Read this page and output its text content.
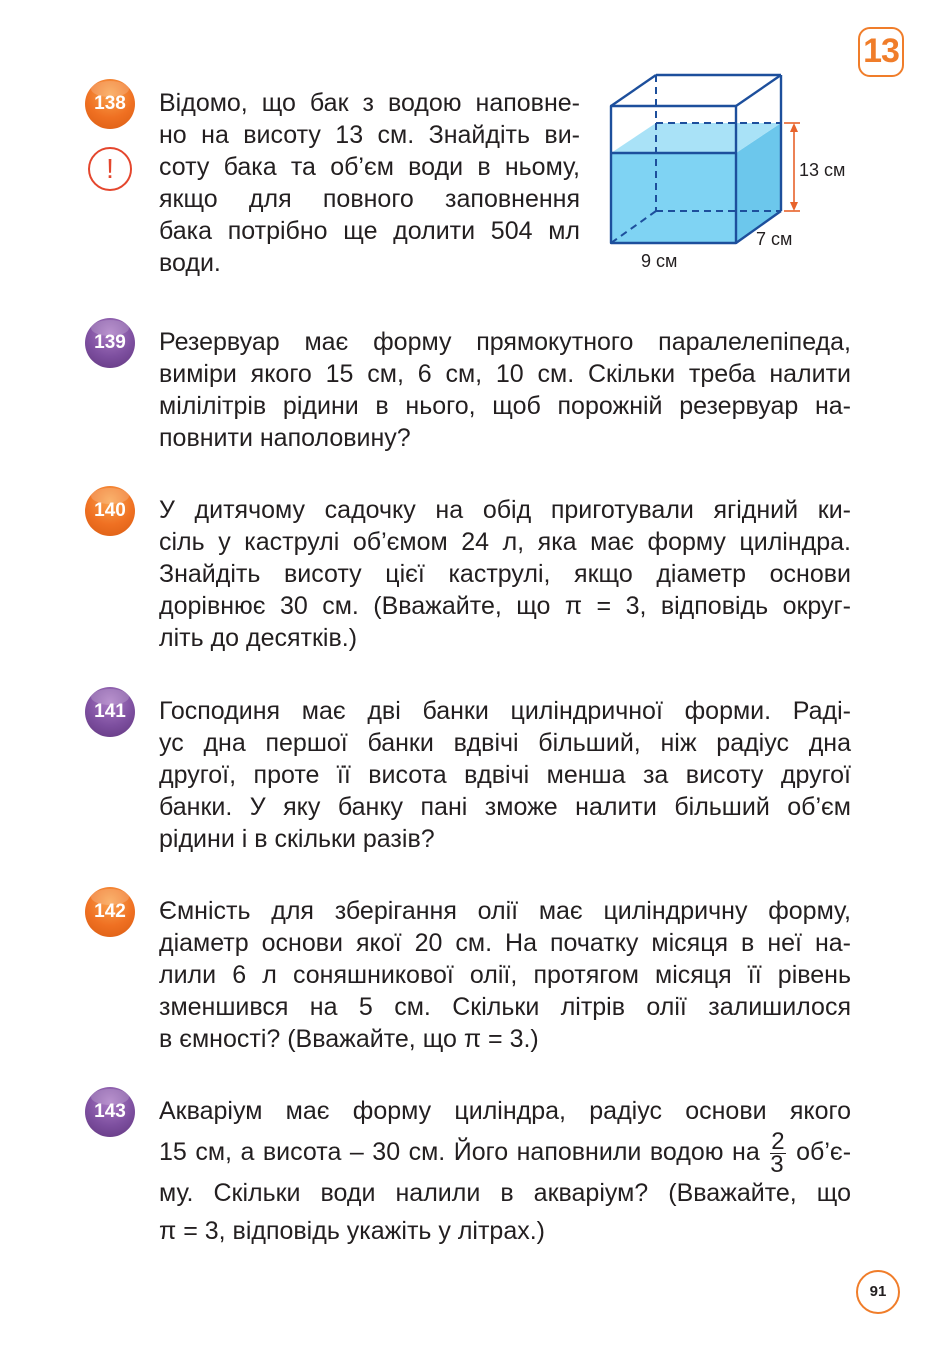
13
138
!

Відомо, що бак з водою наповне-
но на висоту 13 см. Знайдіть ви-
соту бака та об’єм води в ньому,
якщо для повного заповнення
бака потрібно ще долити 504 мл
води.

13 см
7 см
9 см
139	Резервуар має форму прямокутного паралелепіпеда,
виміри якого 15 см, 6 см, 10 см. Скільки треба налити
мілілітрів рідини в нього, щоб порожній резервуар на-
повнити наполовину?

140	У дитячому садочку на обід приготували ягідний ки-
сіль у каструлі об’ємом 24 л, яка має форму циліндра.
Знайдіть висоту цієї каструлі, якщо діаметр основи
дорівнює 30 см. (Вважайте, що π = 3, відповідь округ-
літь до десятків.)

141	Господиня має дві банки циліндричної форми. Раді-
ус дна першої банки вдвічі більший, ніж радіус дна
другої, проте її висота вдвічі менша за висоту другої
банки. У яку банку пані зможе налити більший об’єм
рідини і в скільки разів?

142	Ємність для зберігання олії має циліндричну форму,
діаметр основи якої 20 см. На початку місяця в неї на-
лили 6 л соняшникової олії, протягом місяця її рівень
зменшився на 5 см. Скільки літрів олії залишилося
в ємності? (Вважайте, що π = 3.)

143	Акваріум має форму циліндра, радіус основи якого
15 см, а висота – 30 см. Його наповнили водою на $\frac{2}{3}$ об’є-
му. Скільки води налили в акваріум? (Вважайте, що
π = 3, відповідь укажіть у літрах.)

91
